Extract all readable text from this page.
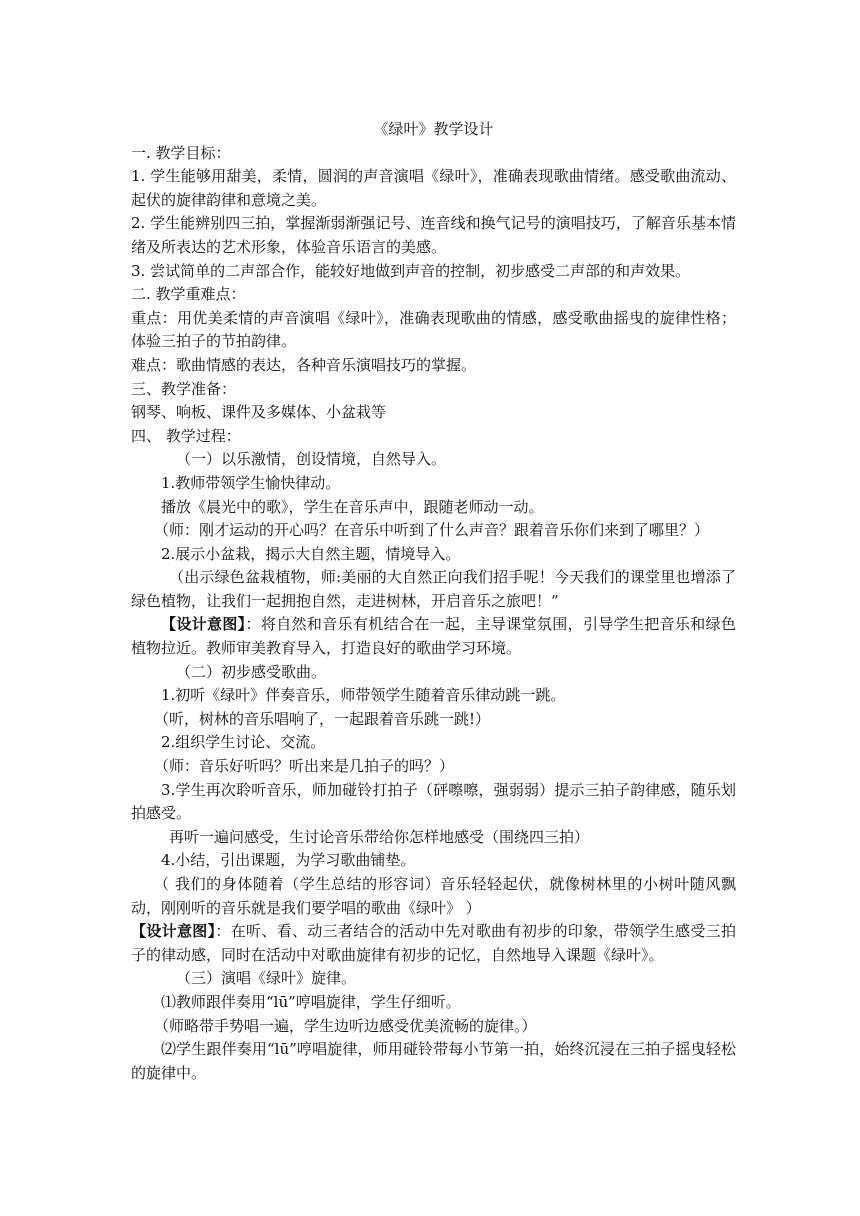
《绿叶》教学设计

一. 教学目标：

1. 学生能够用甜美，柔情，圆润的声音演唱《绿叶》，准确表现歌曲情绪。感受歌曲流动、起伏的旋律韵律和意境之美。

2. 学生能辨别四三拍，掌握渐弱渐强记号、连音线和换气记号的演唱技巧，了解音乐基本情绪及所表达的艺术形象，体验音乐语言的美感。

3. 尝试简单的二声部合作，能较好地做到声音的控制，初步感受二声部的和声效果。

二. 教学重难点：

重点：用优美柔情的声音演唱《绿叶》，准确表现歌曲的情感，感受歌曲摇曳的旋律性格；体验三拍子的节拍韵律。

难点：歌曲情感的表达，各种音乐演唱技巧的掌握。

三、教学准备：

钢琴、响板、课件及多媒体、小盆栽等

四、 教学过程：

（一）以乐激情，创设情境，自然导入。

1.教师带领学生愉快律动。

播放《晨光中的歌》，学生在音乐声中，跟随老师动一动。

（师：刚才运动的开心吗？在音乐中听到了什么声音？跟着音乐你们来到了哪里？）

2.展示小盆栽，揭示大自然主题，情境导入。

（出示绿色盆栽植物，师:美丽的大自然正向我们招手呢！今天我们的课堂里也增添了绿色植物，让我们一起拥抱自然，走进树林，开启音乐之旅吧！”

【设计意图】：将自然和音乐有机结合在一起，主导课堂氛围，引导学生把音乐和绿色植物拉近。教师审美教育导入，打造良好的歌曲学习环境。

（二）初步感受歌曲。

1.初听《绿叶》伴奏音乐，师带领学生随着音乐律动跳一跳。

（听，树林的音乐唱响了，一起跟着音乐跳一跳!）

2.组织学生讨论、交流。

（师：音乐好听吗？听出来是几拍子的吗？）

3.学生再次聆听音乐，师加碰铃打拍子（砰嚓嚓，强弱弱）提示三拍子韵律感，随乐划拍感受。

再听一遍问感受，生讨论音乐带给你怎样地感受（围绕四三拍）

4.小结，引出课题，为学习歌曲铺垫。

（ 我们的身体随着（学生总结的形容词）音乐轻轻起伏，就像树林里的小树叶随风飘动，刚刚听的音乐就是我们要学唱的歌曲《绿叶》 ）

【设计意图】：在听、看、动三者结合的活动中先对歌曲有初步的印象，带领学生感受三拍子的律动感，同时在活动中对歌曲旋律有初步的记忆，自然地导入课题《绿叶》。

（三）演唱《绿叶》旋律。

⑴教师跟伴奏用“lū”哼唱旋律，学生仔细听。

（师略带手势唱一遍，学生边听边感受优美流畅的旋律。）

⑵学生跟伴奏用“lū”哼唱旋律，师用碰铃带每小节第一拍，始终沉浸在三拍子摇曳轻松的旋律中。
